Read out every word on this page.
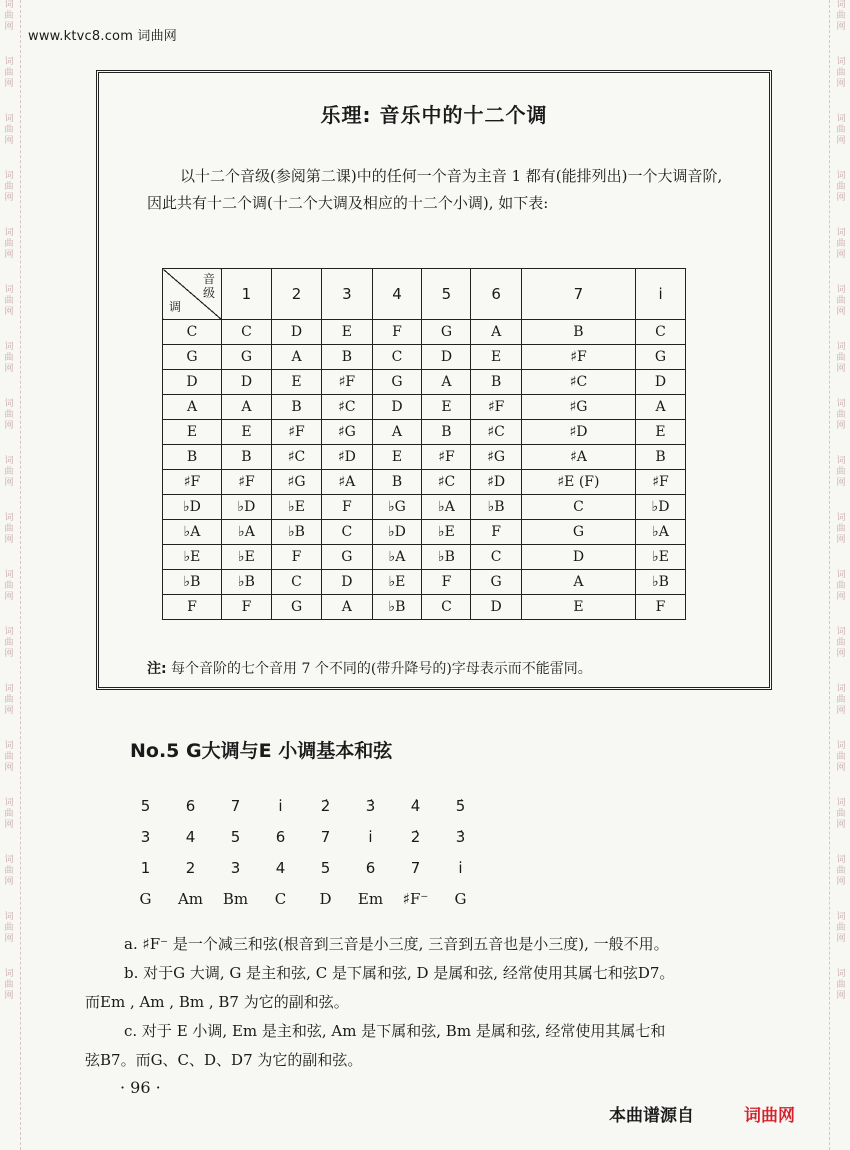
词
曲
网
词
曲
网
词
曲
网
词
曲
网
词
曲
网
词
曲
网
词
曲
网
词
曲
网
词
曲
网
词
曲
网
词
曲
网
词
曲
网
词
曲
网
词
曲
网
词
曲
网
词
曲
网
词
曲
网
词
曲
网
词
曲
网
词
曲
网
词
曲
网
词
曲
网
词
曲
网
词
曲
网
词
曲
网
词
曲
网
词
曲
网
词
曲
网
词
曲
网
词
曲
网
词
曲
网
词
曲
网
词
曲
网
词
曲
网
词
曲
网
词
曲
网
www.ktvc8.com 词曲网
乐理: 音乐中的十二个调
以十二个音级(参阅第二课)中的任何一个音为主音 1 都有(能排列出)一个大调音阶,
因此共有十二个调(十二个大调及相应的十二个小调), 如下表:
音
级
调	1	2	3	4	5	6	7	i
C	C	D	E	F	G	A	B	C
G	G	A	B	C	D	E	♯F	G
D	D	E	♯F	G	A	B	♯C	D
A	A	B	♯C	D	E	♯F	♯G	A
E	E	♯F	♯G	A	B	♯C	♯D	E
B	B	♯C	♯D	E	♯F	♯G	♯A	B
♯F	♯F	♯G	♯A	B	♯C	♯D	♯E (F)	♯F
♭D	♭D	♭E	F	♭G	♭A	♭B	C	♭D
♭A	♭A	♭B	C	♭D	♭E	F	G	♭A
♭E	♭E	F	G	♭A	♭B	C	D	♭E
♭B	♭B	C	D	♭E	F	G	A	♭B
F	F	G	A	♭B	C	D	E	F
注: 每个音阶的七个音用 7 个不同的(带升降号的)字母表示而不能雷同。
No.5 G大调与E 小调基本和弦
5	6	7	i̇	2̇	3̇	4̇	5̇
3	4	5	6	7	i̇	2̇	3̇
1	2	3	4	5	6	7	i̇
G	Am	Bm	C	D	Em	♯F⁻	G

a. ♯F⁻ 是一个减三和弦(根音到三音是小三度, 三音到五音也是小三度), 一般不用。

b. 对于G 大调, G 是主和弦, C 是下属和弦, D 是属和弦, 经常使用其属七和弦D7。

而Em , Am , Bm , B7 为它的副和弦。

c. 对于 E 小调, Em 是主和弦, Am 是下属和弦, Bm 是属和弦, 经常使用其属七和

弦B7。而G、C、D、D7 为它的副和弦。

· 96 ·
本曲谱源自	词曲网
